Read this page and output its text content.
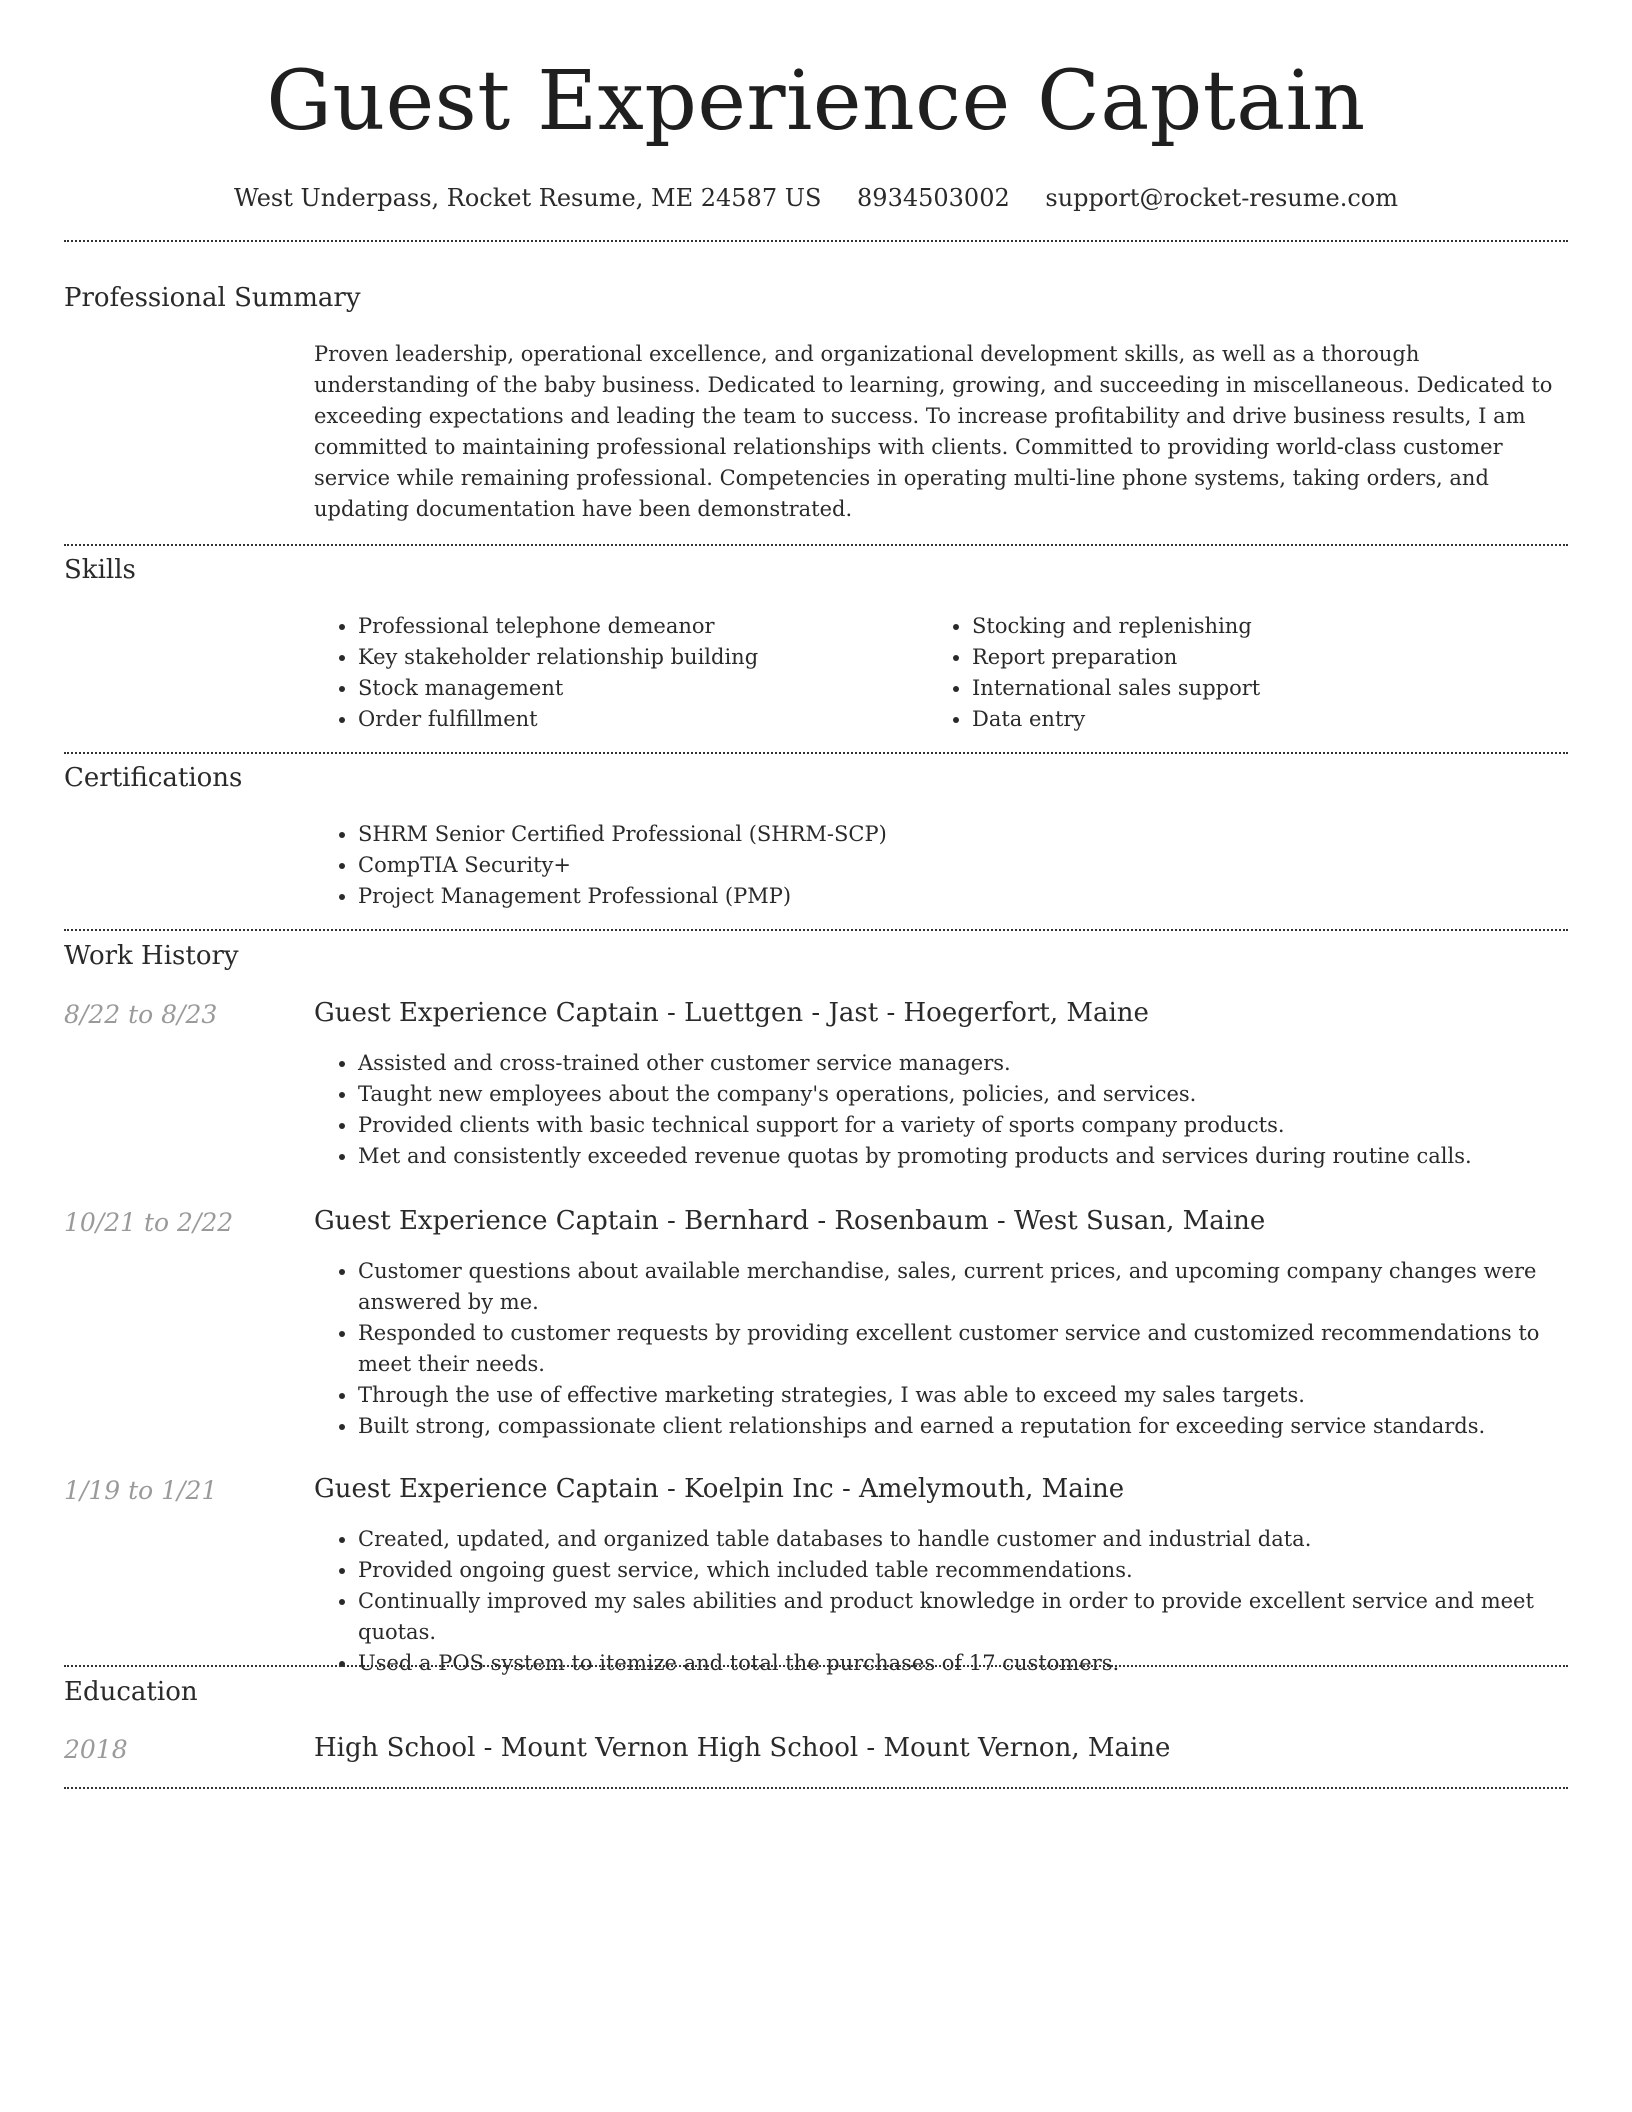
Guest Experience Captain
West Underpass, Rocket Resume, ME 24587 US 8934503002 support@rocket-resume.com
Professional Summary
Proven leadership, operational excellence, and organizational development skills, as well as a thorough understanding of the baby business. Dedicated to learning, growing, and succeeding in miscellaneous. Dedicated to exceeding expectations and leading the team to success. To increase profitability and drive business results, I am committed to maintaining professional relationships with clients. Committed to providing world-class customer service while remaining professional. Competencies in operating multi-line phone systems, taking orders, and updating documentation have been demonstrated.
Skills
• Professional telephone demeanor
• Key stakeholder relationship building
• Stock management
• Order fulfillment
• Stocking and replenishing
• Report preparation
• International sales support
• Data entry
Certifications
• SHRM Senior Certified Professional (SHRM-SCP)
• CompTIA Security+
• Project Management Professional (PMP)
Work History
8/22 to 8/23	Guest Experience Captain - Luettgen - Jast - Hoegerfort, Maine
• Assisted and cross-trained other customer service managers.
• Taught new employees about the company's operations, policies, and services.
• Provided clients with basic technical support for a variety of sports company products.
• Met and consistently exceeded revenue quotas by promoting products and services during routine calls.
10/21 to 2/22	Guest Experience Captain - Bernhard - Rosenbaum - West Susan, Maine
• Customer questions about available merchandise, sales, current prices, and upcoming company changes were answered by me.
• Responded to customer requests by providing excellent customer service and customized recommendations to meet their needs.
• Through the use of effective marketing strategies, I was able to exceed my sales targets.
• Built strong, compassionate client relationships and earned a reputation for exceeding service standards.
1/19 to 1/21	Guest Experience Captain - Koelpin Inc - Amelymouth, Maine
• Created, updated, and organized table databases to handle customer and industrial data.
• Provided ongoing guest service, which included table recommendations.
• Continually improved my sales abilities and product knowledge in order to provide excellent service and meet quotas.
• Used a POS system to itemize and total the purchases of 17 customers.
Education
2018	High School - Mount Vernon High School - Mount Vernon, Maine
